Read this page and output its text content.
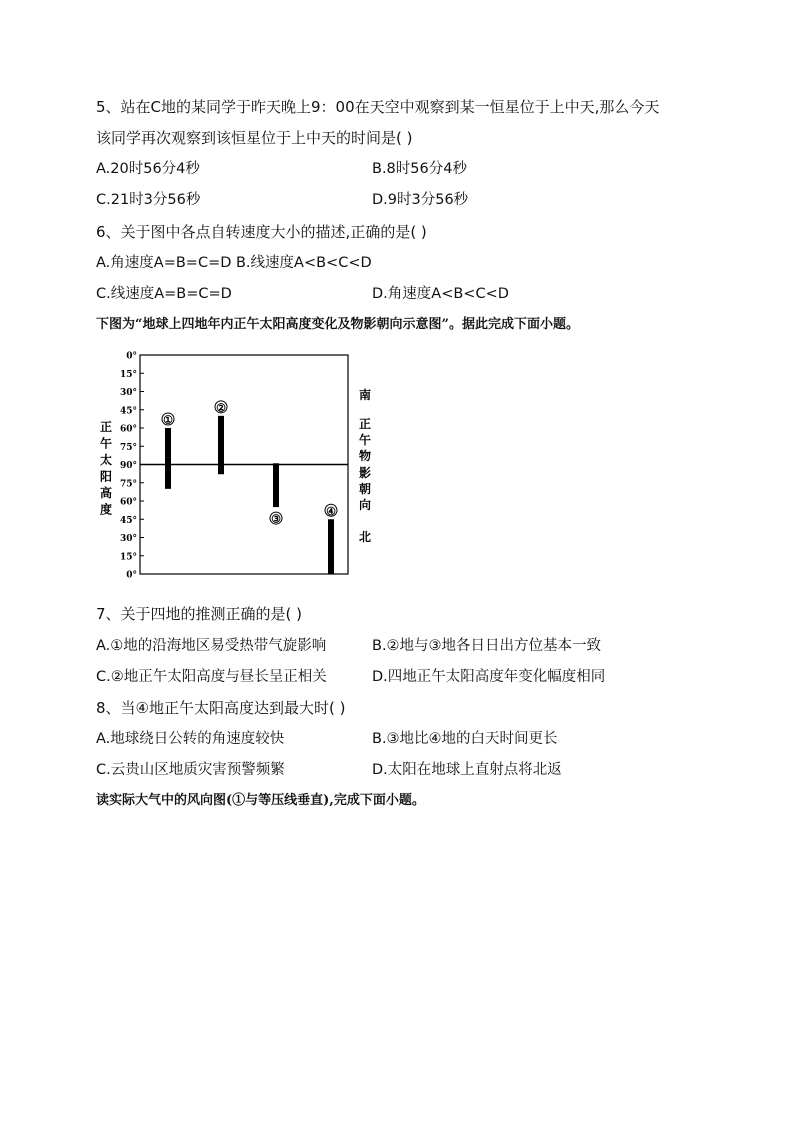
5、站在C地的某同学于昨天晚上9：00在天空中观察到某一恒星位于上中天,那么今天
该同学再次观察到该恒星位于上中天的时间是( )
A.20时56分4秒	B.8时56分4秒
C.21时3分56秒	D.9时3分56秒
6、关于图中各点自转速度大小的描述,正确的是( )
A.角速度A=B=C=D B.线速度A<B<C<D
C.线速度A=B=C=D	D.角速度A<B<C<D
下图为“地球上四地年内正午太阳高度变化及物影朝向示意图”。据此完成下面小题。
0°
15°
30°
45°
60°
75°
90°
75°
60°
45°
30°
15°
0°
正
午
太
阳
高
度
南
正
午
物
影
朝
向
北
①
②
③
④
7、关于四地的推测正确的是( )
A.①地的沿海地区易受热带气旋影响	B.②地与③地各日日出方位基本一致
C.②地正午太阳高度与昼长呈正相关	D.四地正午太阳高度年变化幅度相同
8、当④地正午太阳高度达到最大时( )
A.地球绕日公转的角速度较快	B.③地比④地的白天时间更长
C.云贵山区地质灾害预警频繁	D.太阳在地球上直射点将北返
读实际大气中的风向图(①与等压线垂直),完成下面小题。
